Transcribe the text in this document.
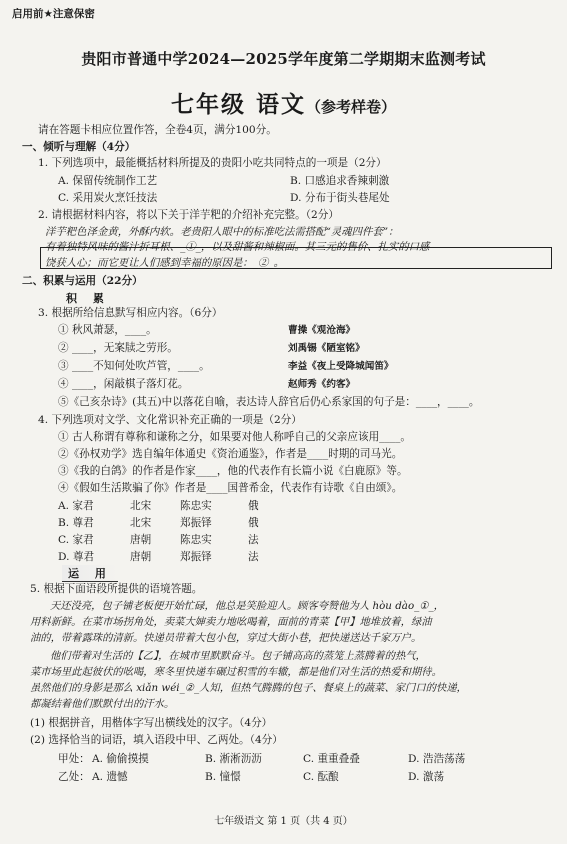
启用前★注意保密
贵阳市普通中学2024—2025学年度第二学期期末监测考试
七年级 语文（参考样卷）
请在答题卡相应位置作答，全卷4页，满分100分。
一、倾听与理解（4分）
1. 下列选项中，最能概括材料所提及的贵阳小吃共同特点的一项是（2分）
A. 保留传统制作工艺	B. 口感追求香辣刺激
C. 采用炭火烹饪技法	D. 分布于街头巷尾处
2. 请根据材料内容，将以下关于洋芋粑的介绍补充完整。（2分）
洋芋粑色泽金黄，外酥内软。老贵阳人眼中的标准吃法需搭配“灵魂四件套”：
有着独特风味的酱汁折耳根、_①_，以及甜酱和辣椒面。其三元的售价、扎实的口感
饶获人心；而它更让人们感到幸福的原因是：_②_。
二、积累与运用（22分）
积 累
3. 根据所给信息默写相应内容。（6分）
① 秋风萧瑟，____。	曹操《观沧海》
② ____，无案牍之劳形。	刘禹锡《陋室铭》
③ ____不知何处吹芦管，____。	李益《夜上受降城闻笛》
④ ____，闲敲棋子落灯花。	赵师秀《约客》
⑤《己亥杂诗》(其五)中以落花自喻，表达诗人辞官后仍心系家国的句子是：____，____。
4. 下列选项对文学、文化常识补充正确的一项是（2分）
① 古人称谓有尊称和谦称之分，如果要对他人称呼自己的父亲应该用____。
②《孙权劝学》选自编年体通史《资治通鉴》，作者是____时期的司马光。
③《我的白鸽》的作者是作家____，他的代表作有长篇小说《白鹿原》等。
④《假如生活欺骗了你》作者是____国普希金，代表作有诗歌《自由颂》。
A. 家君	北宋	陈忠实	俄
B. 尊君	北宋	郑振铎	俄
C. 家君	唐朝	陈忠实	法
D. 尊君	唐朝	郑振铎	法
运 用
5. 根据下面语段所提供的语境答题。
天还没亮，包子铺老板便开始忙碌，他总是笑脸迎人。顾客夸赞他为人 hòu dào_①_，
用料新鲜。在菜市场拐角处，卖菜大婶卖力地吆喝着，面前的青菜【甲】地堆放着，绿油
油的，带着露珠的清新。快递员带着大包小包，穿过大街小巷，把快递送达千家万户。
他们带着对生活的【乙】，在城市里默默奋斗。包子铺高高的蒸笼上蒸腾着的热气，
菜市场里此起彼伏的吆喝，寒冬里快递车碾过积雪的车辙，都是他们对生活的热爱和期待。
虽然他们的身影是那么 xiǎn wéi_②_人知，但热气腾腾的包子、餐桌上的蔬菜、家门口的快递，
都凝结着他们默默付出的汗水。
(1) 根据拼音，用楷体字写出横线处的汉字。（4分）
(2) 选择恰当的词语，填入语段中甲、乙两处。（4分）
甲处： A. 偷偷摸摸	B. 淅淅沥沥	C. 重重叠叠	D. 浩浩荡荡
乙处： A. 遗憾	B. 憧憬	C. 酝酿	D. 激荡
七年级语文 第 1 页（共 4 页）
